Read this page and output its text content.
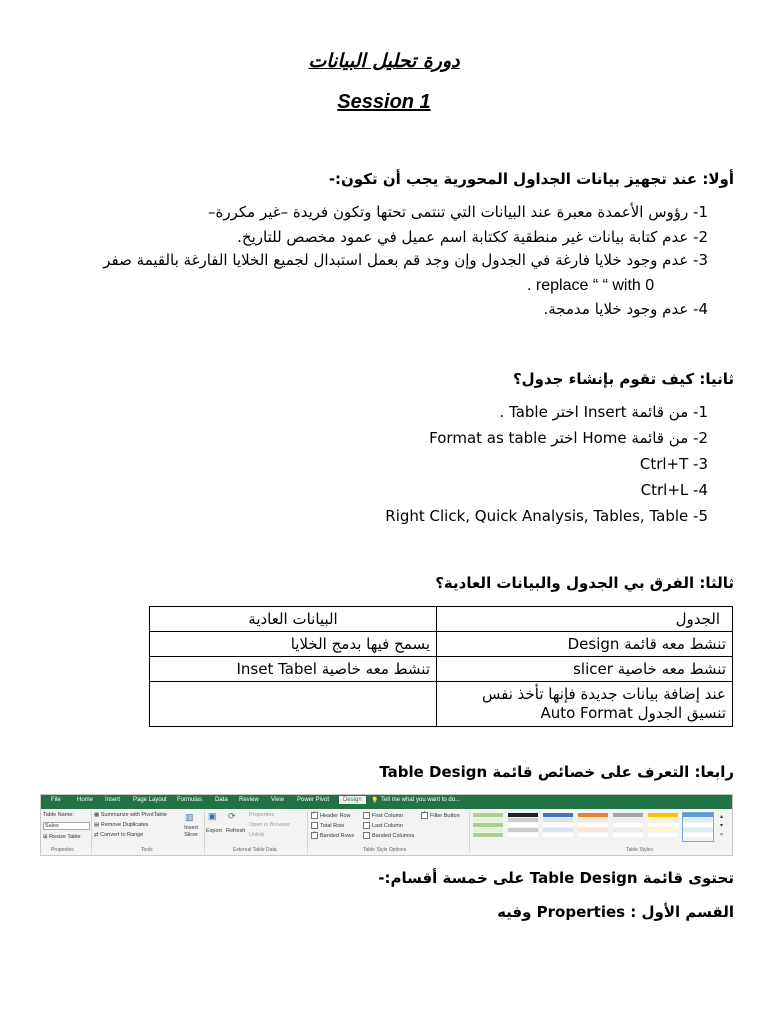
دورة تحليل البيانات
Session 1
أولا: عند تجهيز بيانات الجداول المحورية يجب أن تكون:-
1- رؤوس الأعمدة معبرة عند البيانات التي تنتمى تحتها وتكون فريدة –غير مكررة–
2- عدم كتابة بيانات غير منطقية ككتابة اسم عميل في عمود مخصص للتاريخ.
3- عدم وجود خلايا فارغة في الجدول وإن وجد قم بعمل استبدال لجميع الخلايا الفارغة بالقيمة صفر
. replace “ “ with 0
4- عدم وجود خلايا مدمجة.
ثانيا: كيف تقوم بإنشاء جدول؟
1- من قائمة Insert اختر Table .
2- من قائمة Home اختر Format as table
3- Ctrl+T
4- Ctrl+L
5- Right Click, Quick Analysis, Tables, Table
ثالثا: الفرق بي الجدول والبيانات العادية؟
الجدول	البيانات العادية
تنشط معه قائمة Design	يسمح فيها بدمج الخلايا
تنشط معه خاصية slicer	تنشط معه خاصية Inset Tabel
عند إضافة بيانات جديدة فإنها تأخذ نفس تنسيق الجدول Auto Format	
رابعا: التعرف على خصائص قائمة Table Design
File	Home Insert Page Layout Formulas Data Review View Power Pivot	Design	💡 Tell me what you want to do...
Table Name:
Sales
⊞ Resize Table
Properties
▦ Summarize with PivotTable
▤ Remove Duplicates
⇄ Convert to Range
Insert Slicer
▥
Tools
▣
Export
⟳
Refresh
Properties
Open in Browser
Unlink
External Table Data
✓Header Row
Total Row
✓Banded Rows
First Column
Last Column
Banded Columns
✓Filter Button
Table Style Options
▴
▾
▿
Table Styles
تحتوى قائمة Table Design على خمسة أقسام:-
القسم الأول : Properties وفيه
